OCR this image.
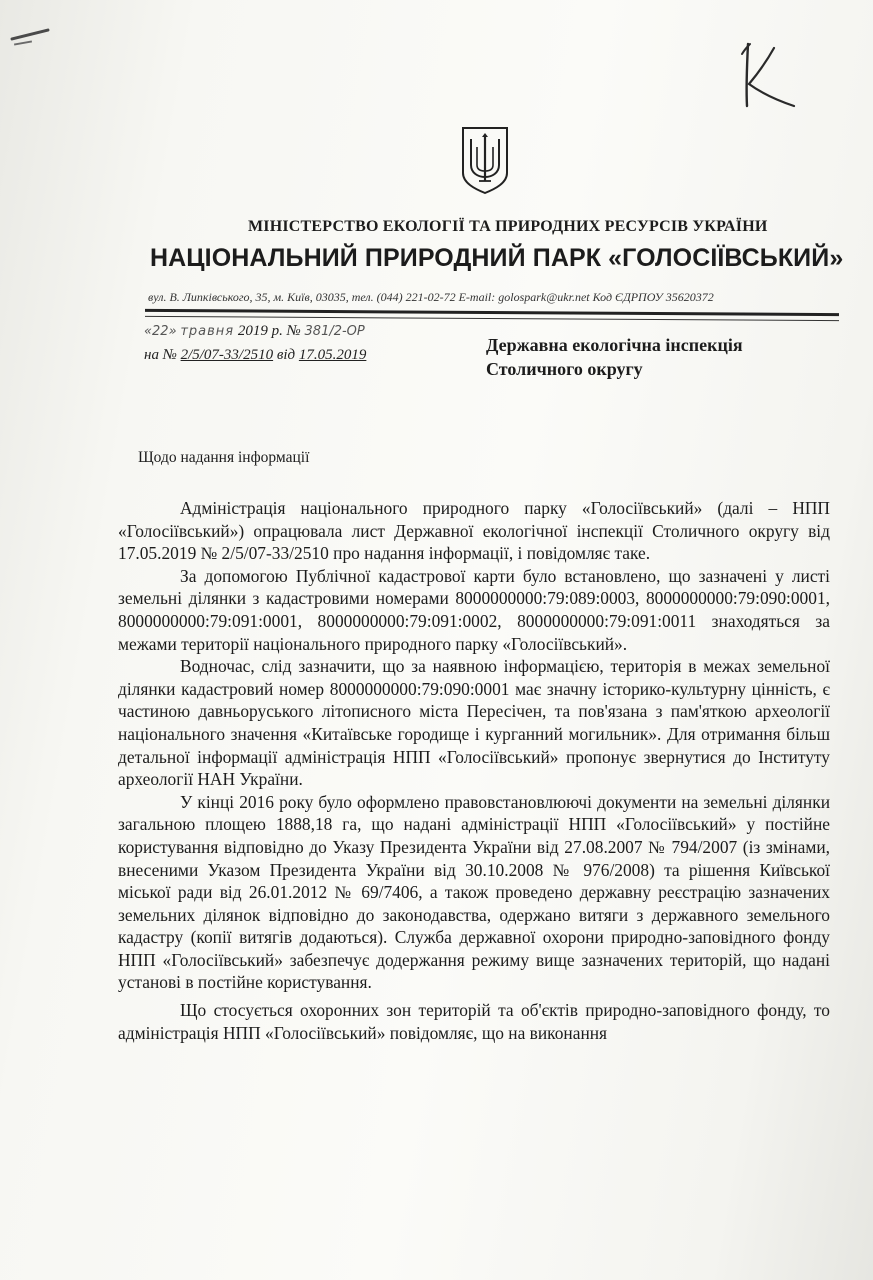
МІНІСТЕРСТВО ЕКОЛОГІЇ ТА ПРИРОДНИХ РЕСУРСІВ УКРАЇНИ
НАЦІОНАЛЬНИЙ ПРИРОДНИЙ ПАРК «ГОЛОСІЇВСЬКИЙ»
вул. В. Липківського, 35, м. Київ, 03035, тел. (044) 221-02-72 E-mail: golospark@ukr.net Код ЄДРПОУ 35620372
«22» травня 2019 р. № 381/2-ОР
на № 2/5/07-33/2510 від 17.05.2019	Державна екологічна інспекція
Столичного округу
Щодо надання інформації

Адміністрація національного природного парку «Голосіївський» (далі – НПП «Голосіївський») опрацювала лист Державної екологічної інспекції Столичного округу від 17.05.2019 № 2/5/07-33/2510 про надання інформації, і повідомляє таке.

За допомогою Публічної кадастрової карти було встановлено, що зазначені у листі земельні ділянки з кадастровими номерами 8000000000:79:089:0003, 8000000000:79:090:0001, 8000000000:79:091:0001, 8000000000:79:091:0002, 8000000000:79:091:0011 знаходяться за межами території національного природного парку «Голосіївський».

Водночас, слід зазначити, що за наявною інформацією, територія в межах земельної ділянки кадастровий номер 8000000000:79:090:0001 має значну історико-культурну цінність, є частиною давньоруського літописного міста Пересічен, та пов'язана з пам'яткою археології національного значення «Китаївське городище і курганний могильник». Для отримання більш детальної інформації адміністрація НПП «Голосіївський» пропонує звернутися до Інституту археології НАН України.

У кінці 2016 року було оформлено правовстановлюючі документи на земельні ділянки загальною площею 1888,18 га, що надані адміністрації НПП «Голосіївський» у постійне користування відповідно до Указу Президента України від 27.08.2007 № 794/2007 (із змінами, внесеними Указом Президента України від 30.10.2008 № 976/2008) та рішення Київської міської ради від 26.01.2012 № 69/7406, а також проведено державну реєстрацію зазначених земельних ділянок відповідно до законодавства, одержано витяги з державного земельного кадастру (копії витягів додаються). Служба державної охорони природно-заповідного фонду НПП «Голосіївський» забезпечує додержання режиму вище зазначених територій, що надані установі в постійне користування.

Що стосується охоронних зон територій та об'єктів природно-заповідного фонду, то адміністрація НПП «Голосіївський» повідомляє, що на виконання
